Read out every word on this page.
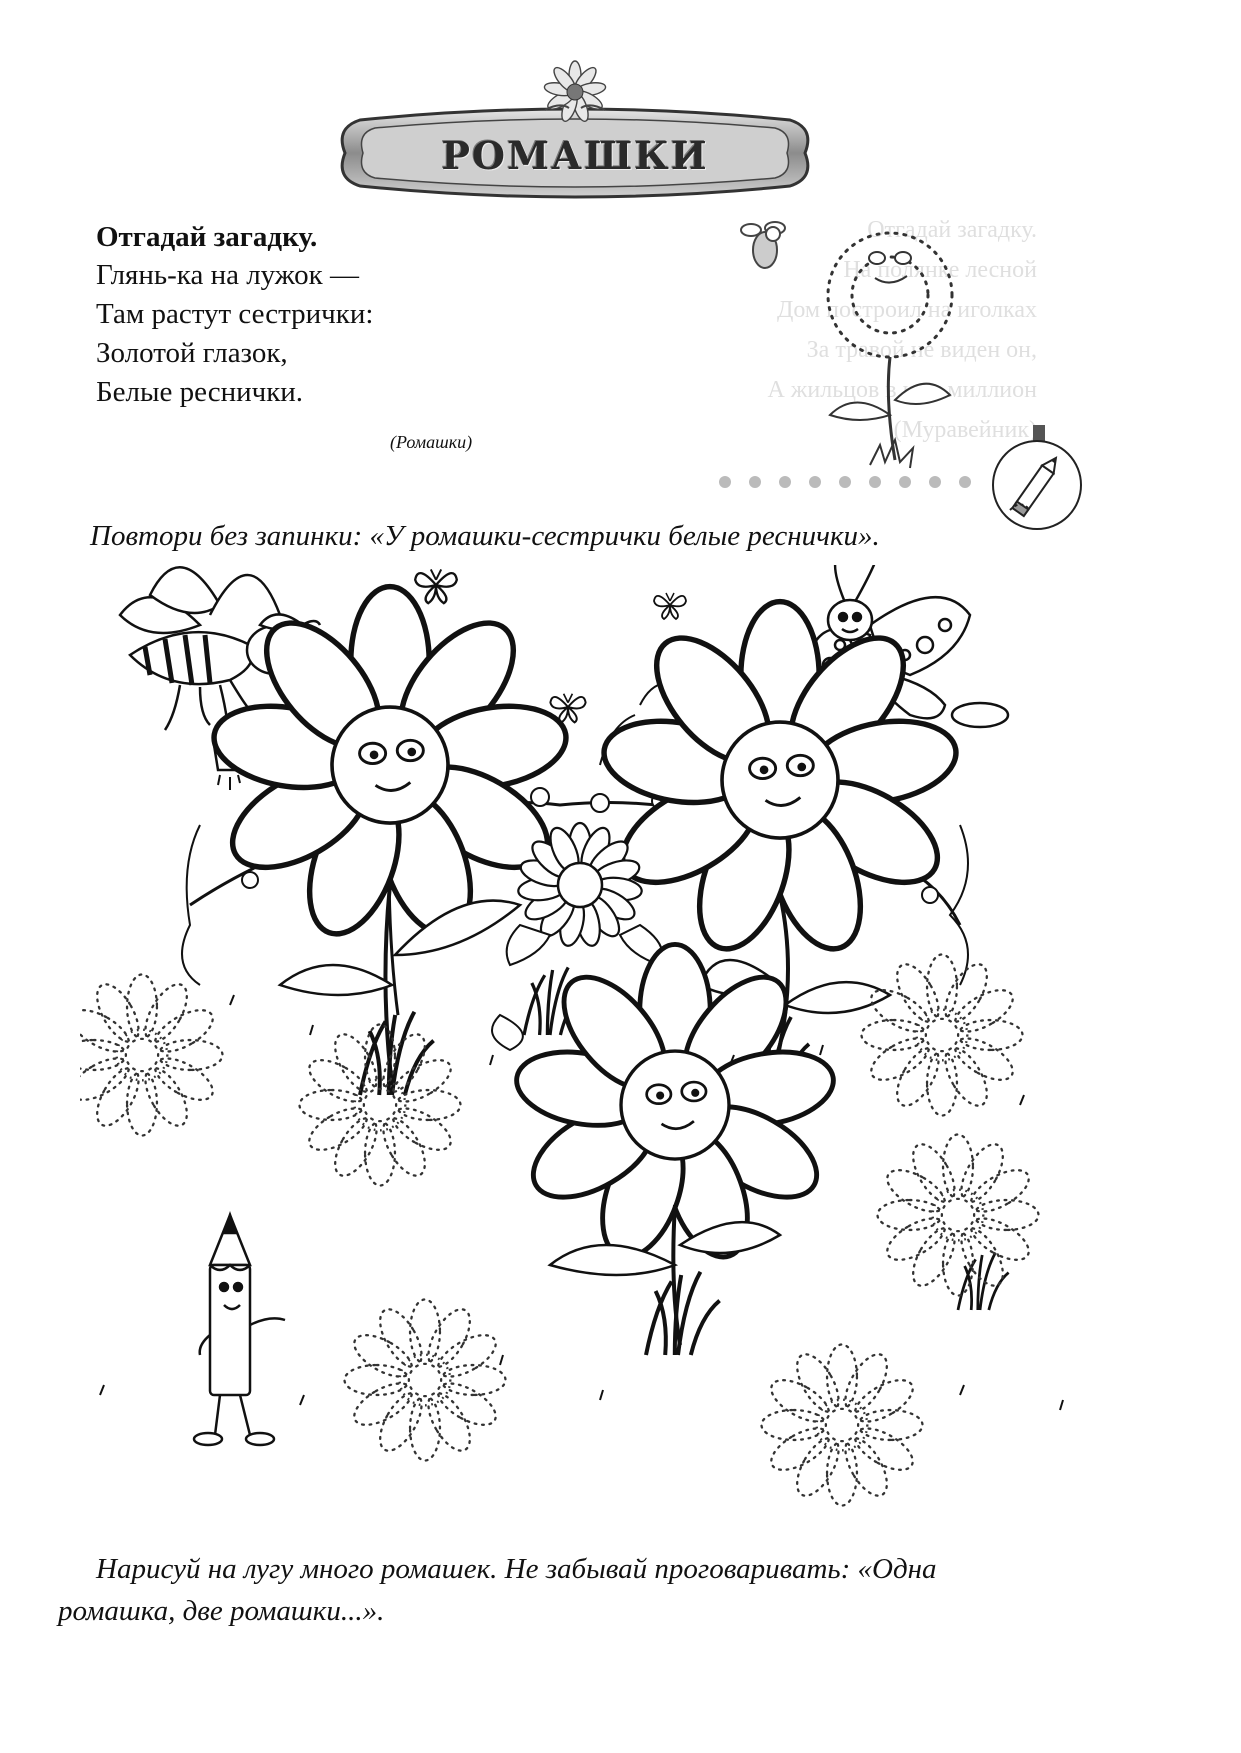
РОМАШКИ
Отгадай загадку.
Глянь-ка на лужок —
Там растут сестрички:
Золотой глазок,
Белые реснички.
(Ромашки)
Повтори без запинки: «У ромашки-сестрички белые реснички».
Нарисуй на лугу много ромашек. Не забывай проговаривать: «Одна
ромашка, две ромашки...».
